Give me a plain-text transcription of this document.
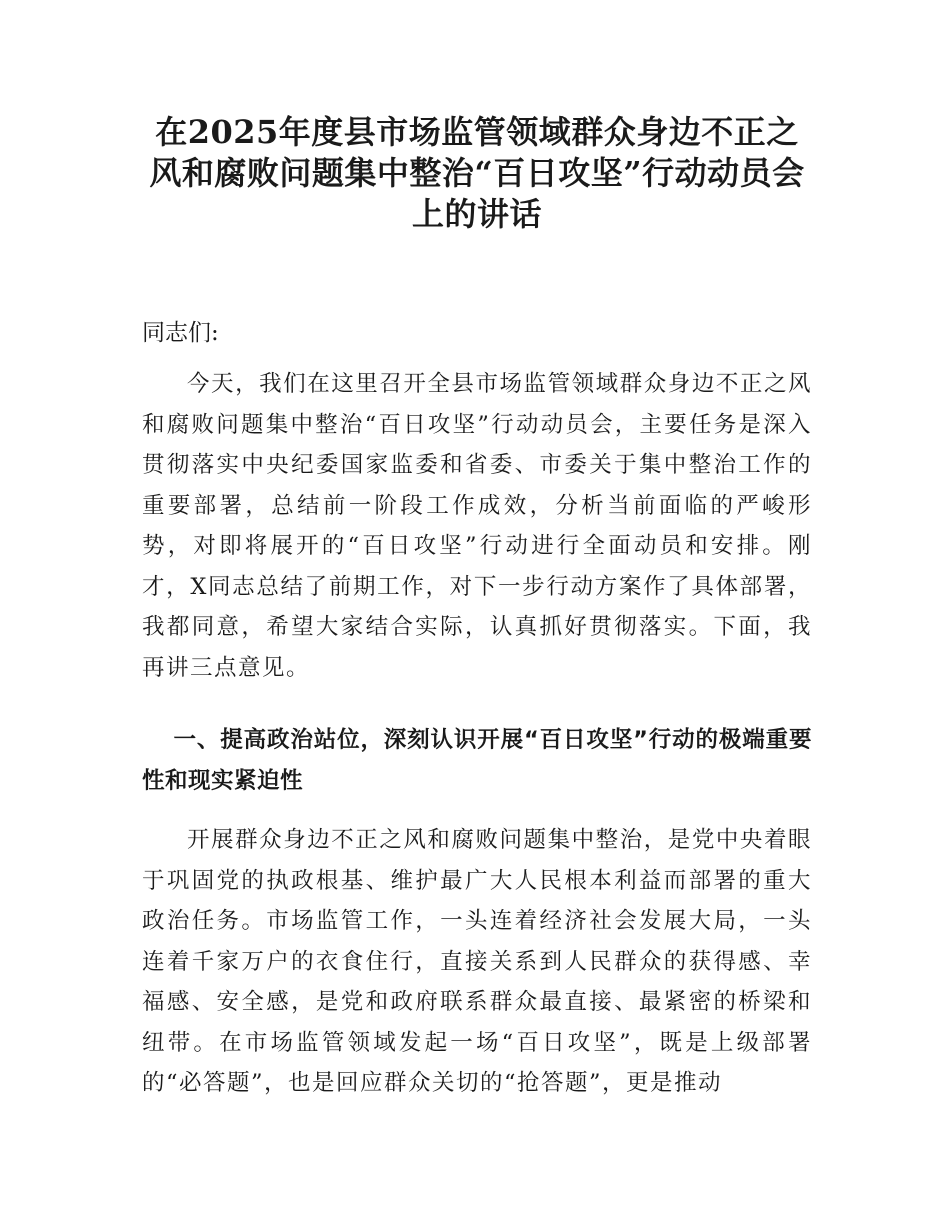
在2025年度县市场监管领域群众身边不正之风和腐败问题集中整治“百日攻坚”行动动员会上的讲话

同志们:

今天，我们在这里召开全县市场监管领域群众身边不正之风和腐败问题集中整治“百日攻坚”行动动员会，主要任务是深入贯彻落实中央纪委国家监委和省委、市委关于集中整治工作的重要部署，总结前一阶段工作成效，分析当前面临的严峻形势，对即将展开的“百日攻坚”行动进行全面动员和安排。刚才，X同志总结了前期工作，对下一步行动方案作了具体部署，我都同意，希望大家结合实际，认真抓好贯彻落实。下面，我再讲三点意见。

一、提高政治站位，深刻认识开展“百日攻坚”行动的极端重要性和现实紧迫性

开展群众身边不正之风和腐败问题集中整治，是党中央着眼于巩固党的执政根基、维护最广大人民根本利益而部署的重大政治任务。市场监管工作，一头连着经济社会发展大局，一头连着千家万户的衣食住行，直接关系到人民群众的获得感、幸福感、安全感，是党和政府联系群众最直接、最紧密的桥梁和纽带。在市场监管领域发起一场“百日攻坚”，既是上级部署的“必答题”，也是回应群众关切的“抢答题”，更是推动
